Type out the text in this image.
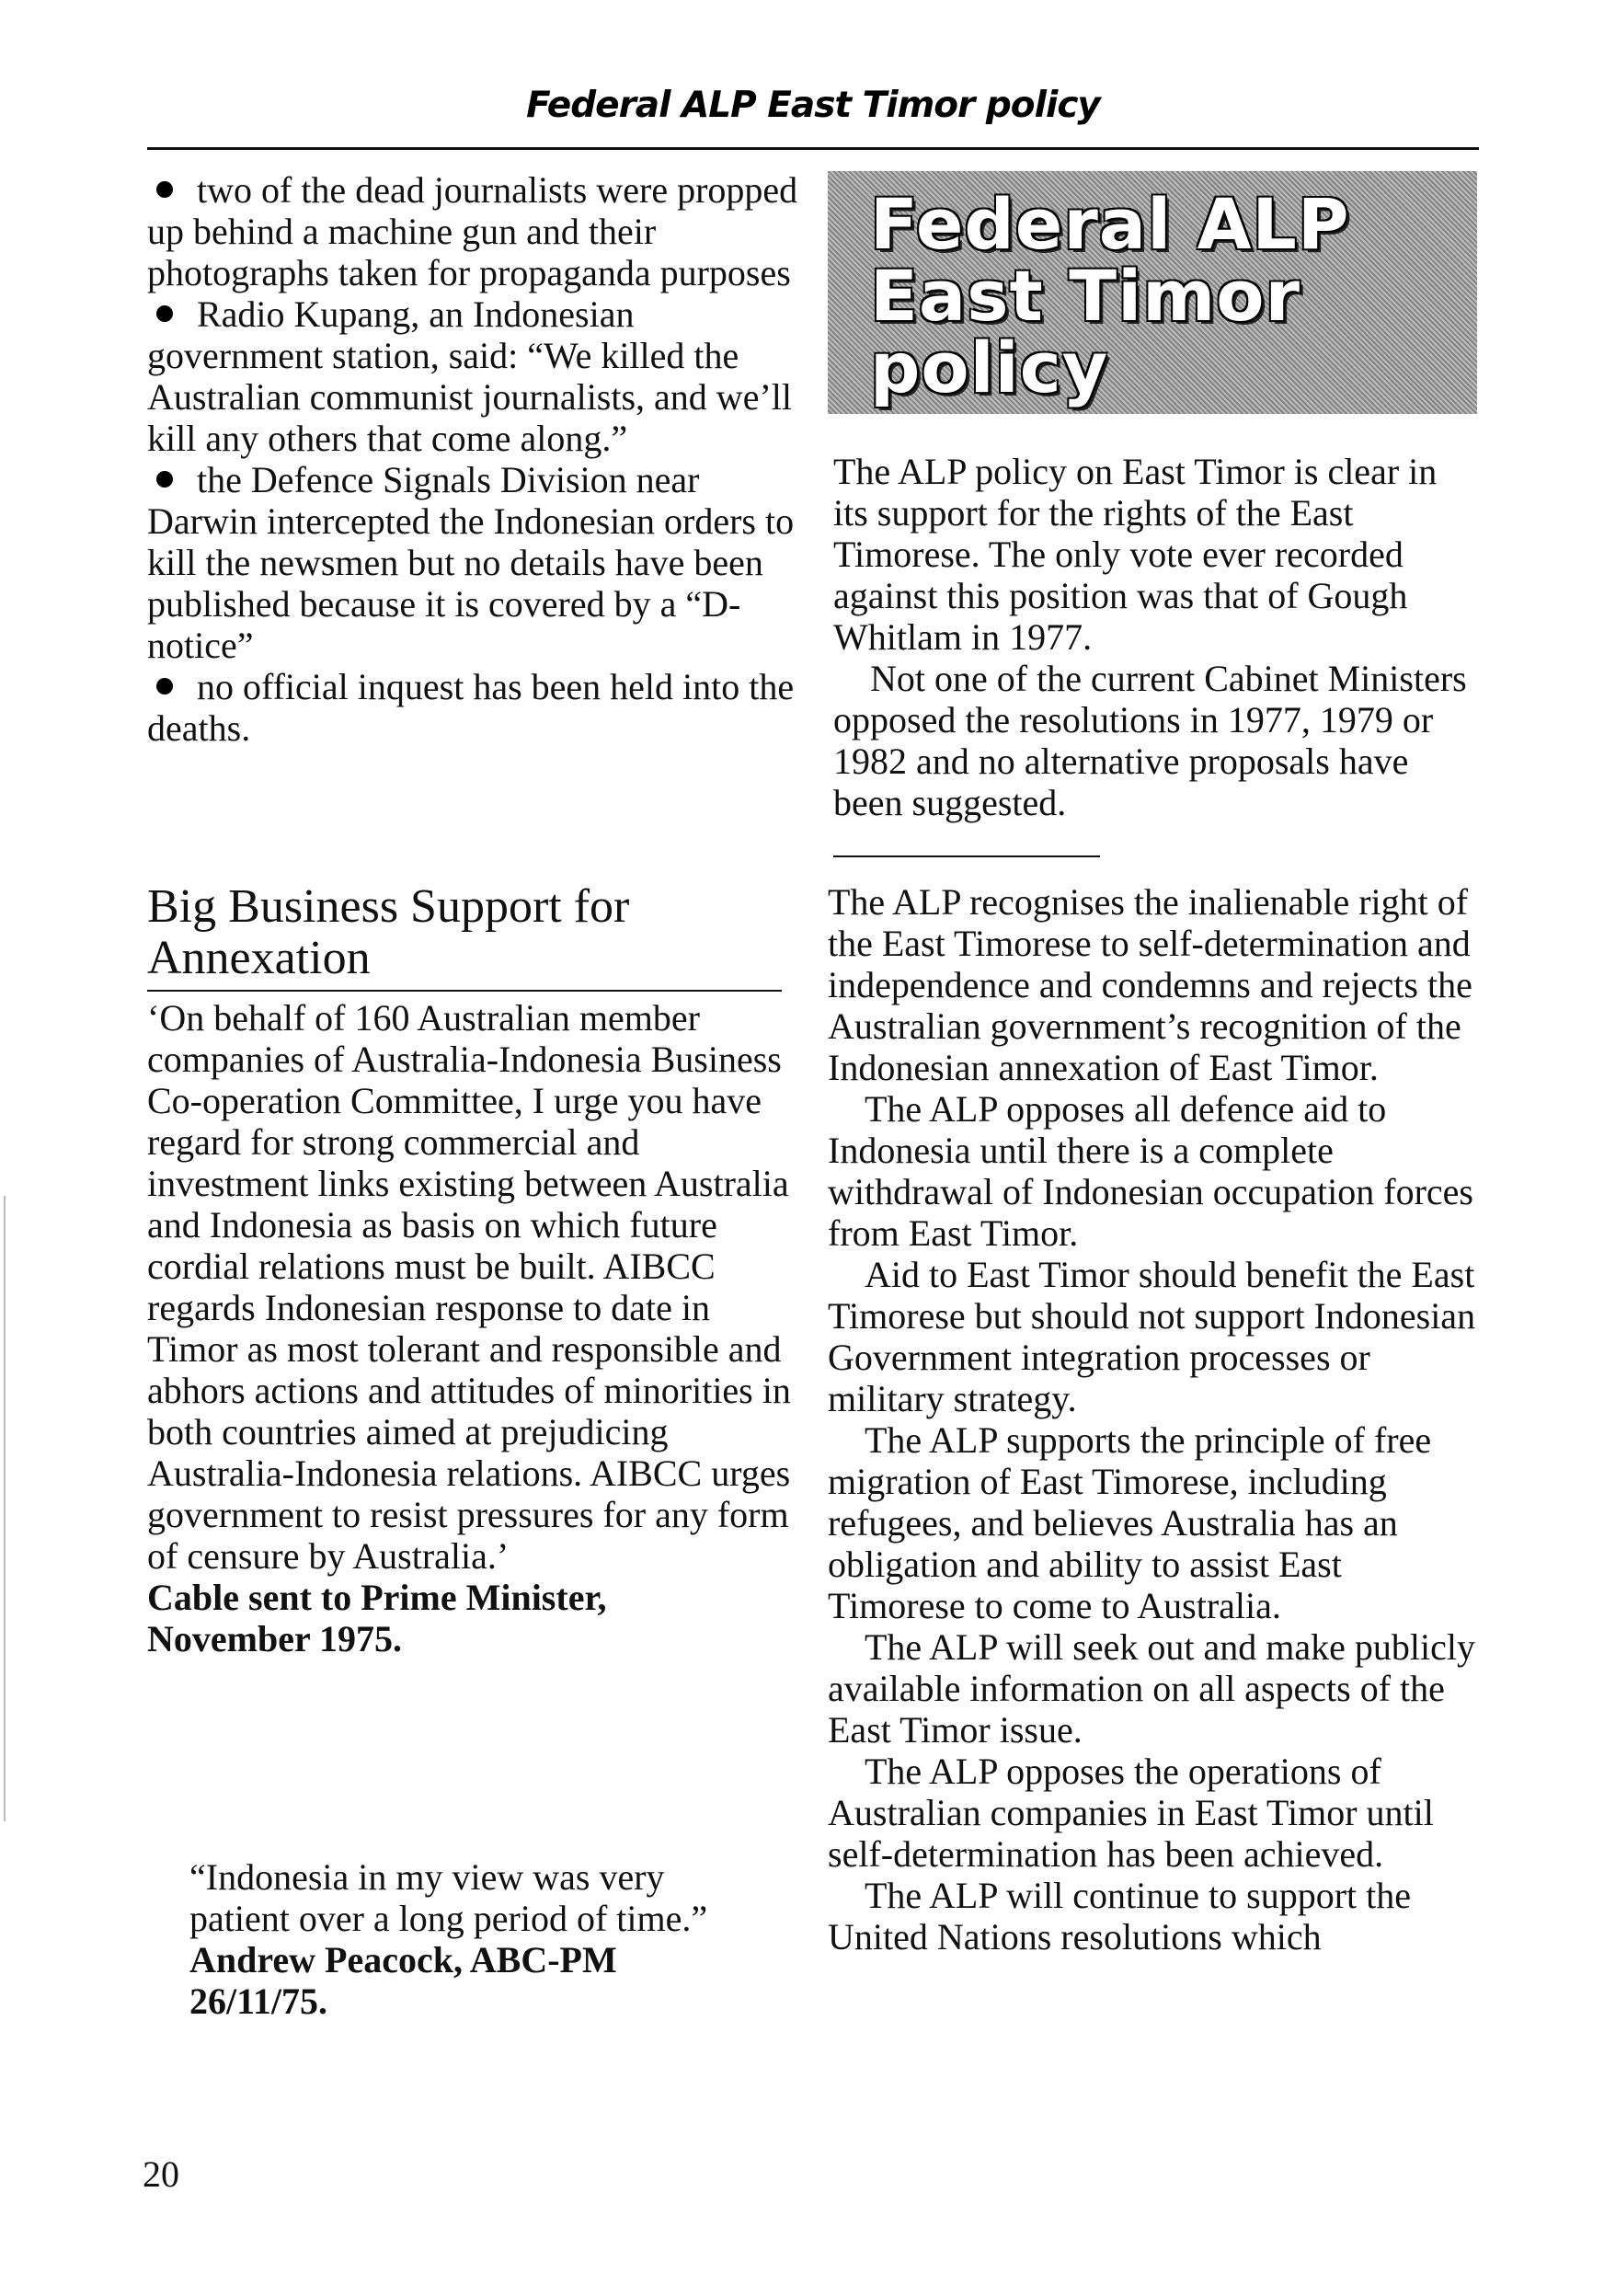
Federal ALP East Timor policy

two of the dead journalists were propped up behind a machine gun and their photographs taken for propaganda purposes

Radio Kupang, an Indonesian government station, said: “We killed the Australian communist journalists, and we’ll kill any others that come along.”

the Defence Signals Division near Darwin intercepted the Indonesian orders to kill the newsmen but no details have been published because it is covered by a “D-notice”

no official inquest has been held into the deaths.

Big Business Support for
Annexation

‘On behalf of 160 Australian member companies of Australia-Indonesia Business Co-operation Committee, I urge you have regard for strong commercial and investment links existing between Australia and Indonesia as basis on which future cordial relations must be built. AIBCC regards Indonesian response to date in Timor as most tolerant and responsible and abhors actions and attitudes of minorities in both countries aimed at prejudicing Australia-Indonesia relations. AIBCC urges government to resist pressures for any form of censure by Australia.’

Cable sent to Prime Minister,
November 1975.

“Indonesia in my view was very patient over a long period of time.”

Andrew Peacock, ABC-PM
26/11/75.

Federal ALP
East Timor
policy

The ALP policy on East Timor is clear in its support for the rights of the East Timorese. The only vote ever recorded against this position was that of Gough Whitlam in 1977.

Not one of the current Cabinet Ministers opposed the resolutions in 1977, 1979 or 1982 and no alternative proposals have been suggested.

The ALP recognises the inalienable right of the East Timorese to self-determination and independence and condemns and rejects the Australian government’s recognition of the Indonesian annexation of East Timor.

The ALP opposes all defence aid to Indonesia until there is a complete withdrawal of Indonesian occupation forces from East Timor.

Aid to East Timor should benefit the East Timorese but should not support Indonesian Government integration processes or military strategy.

The ALP supports the principle of free migration of East Timorese, including refugees, and believes Australia has an obligation and ability to assist East Timorese to come to Australia.

The ALP will seek out and make publicly available information on all aspects of the East Timor issue.

The ALP opposes the operations of Australian companies in East Timor until self-determination has been achieved.

The ALP will continue to support the United Nations resolutions which

20
